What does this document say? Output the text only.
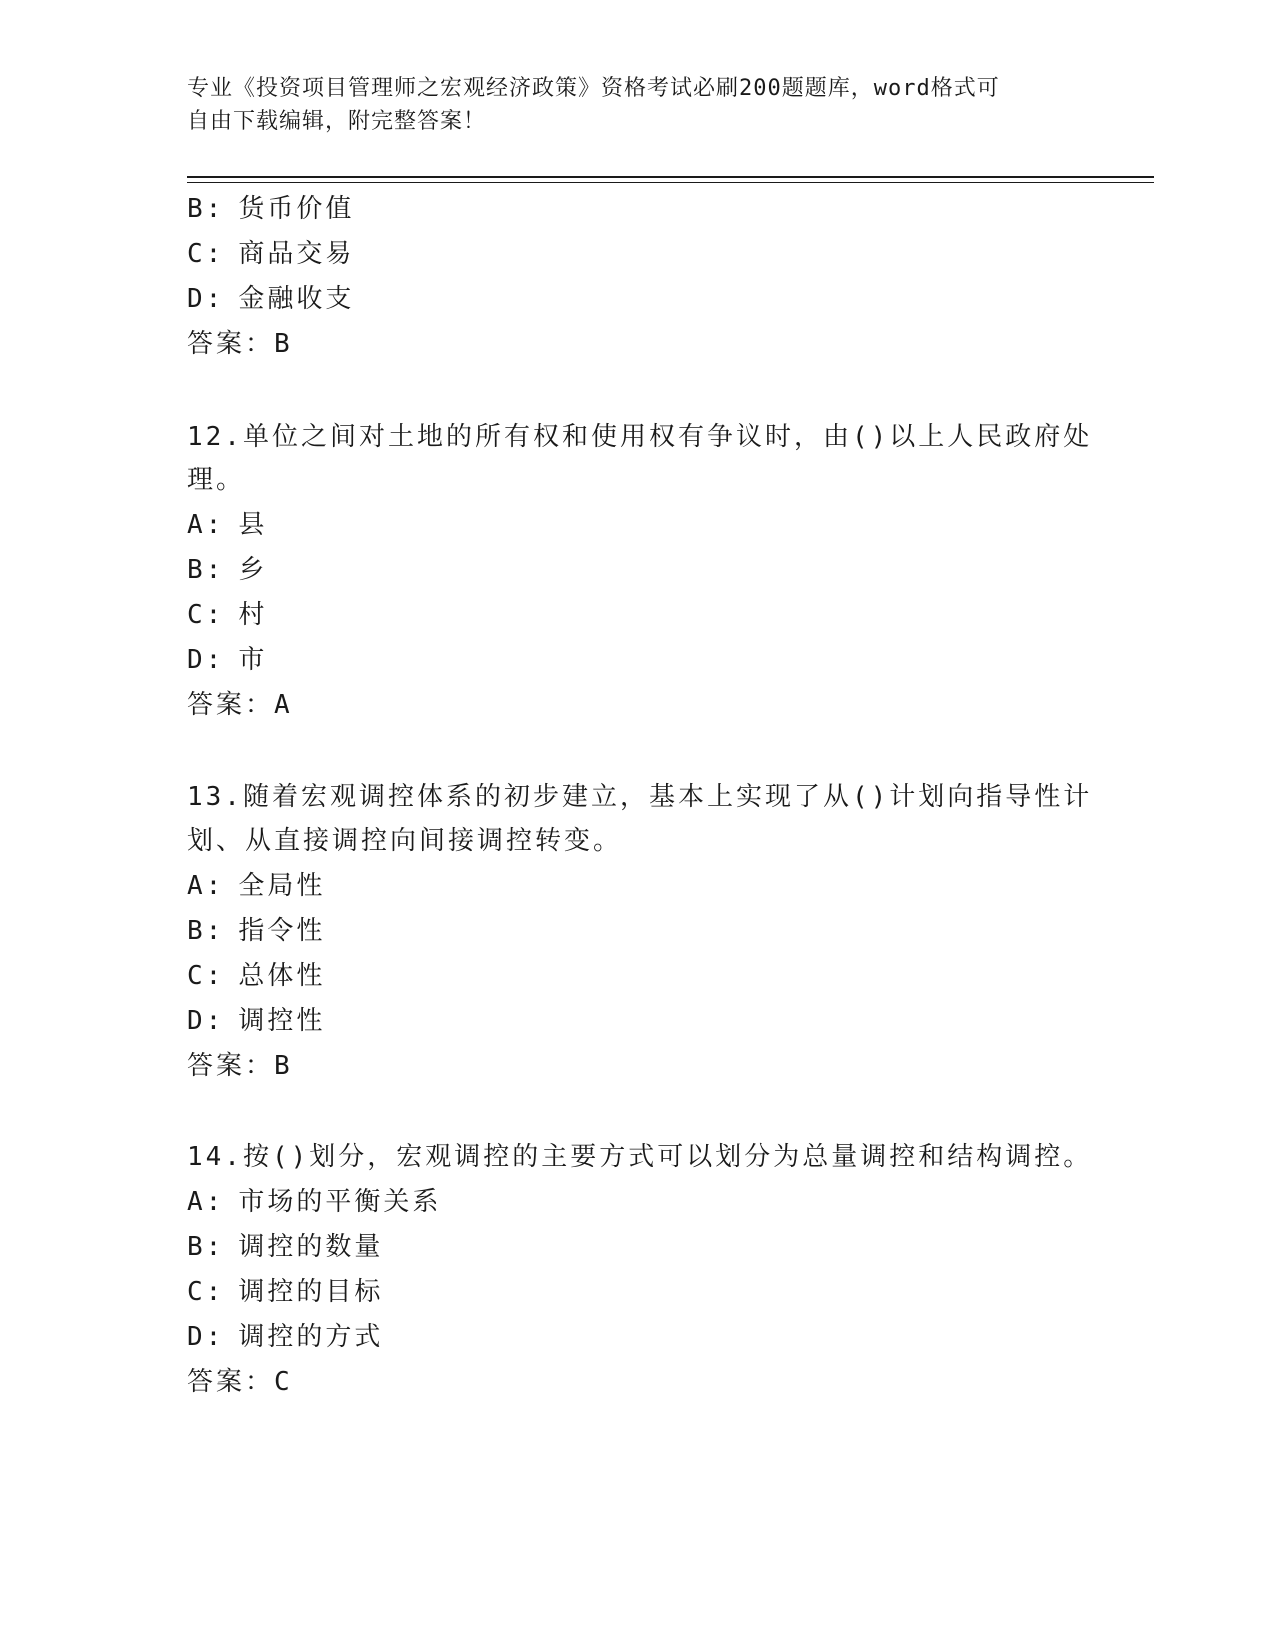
专业《投资项目管理师之宏观经济政策》资格考试必刷200题题库，word格式可
自由下载编辑，附完整答案！
B: 货币价值
C: 商品交易
D: 金融收支
答案：B
12.单位之间对土地的所有权和使用权有争议时，由()以上人民政府处
理。
A: 县
B: 乡
C: 村
D: 市
答案：A
13.随着宏观调控体系的初步建立，基本上实现了从()计划向指导性计
划、从直接调控向间接调控转变。
A: 全局性
B: 指令性
C: 总体性
D: 调控性
答案：B
14.按()划分，宏观调控的主要方式可以划分为总量调控和结构调控。
A: 市场的平衡关系
B: 调控的数量
C: 调控的目标
D: 调控的方式
答案：C
